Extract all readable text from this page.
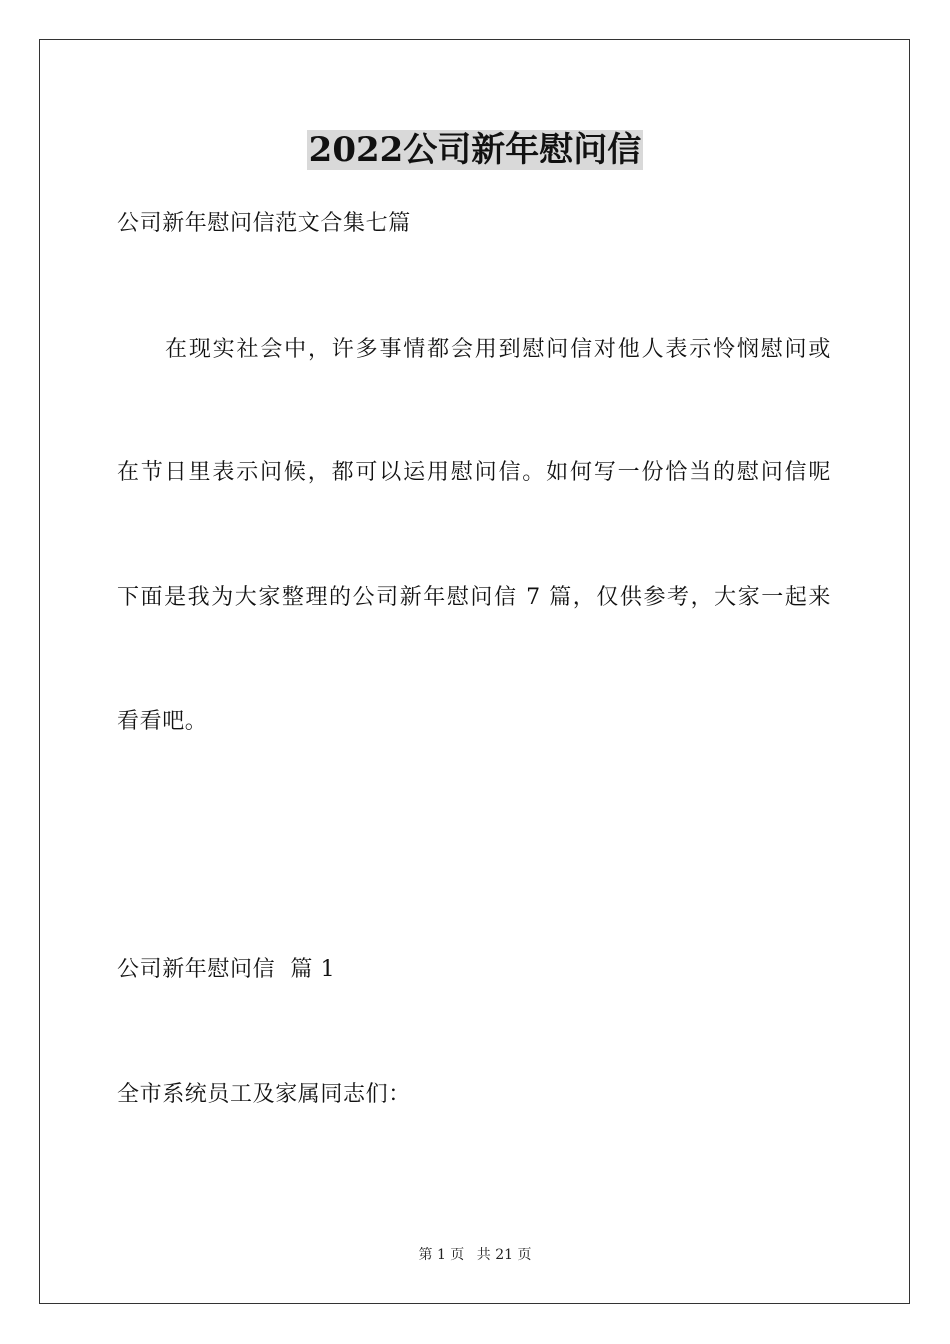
2022公司新年慰问信

公司新年慰问信范文合集七篇

在现实社会中，许多事情都会用到慰问信对他人表示怜悯慰问或

在节日里表示问候，都可以运用慰问信。如何写一份恰当的慰问信呢

下面是我为大家整理的公司新年慰问信 7 篇，仅供参考，大家一起来

看看吧。

公司新年慰问信  篇 1

全市系统员工及家属同志们：

第 1 页 共 21 页
